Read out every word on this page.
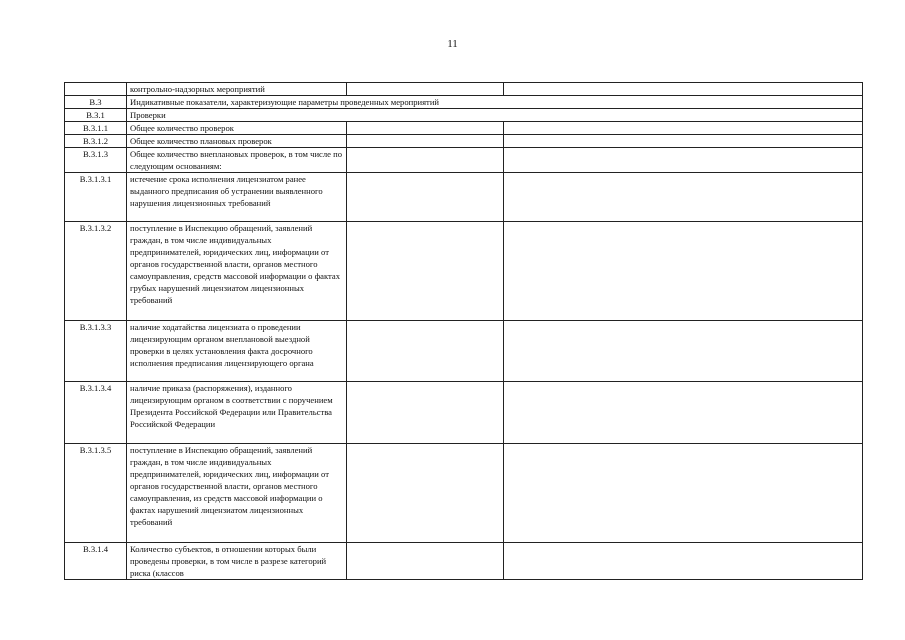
11
	контрольно-надзорных мероприятий		
В.3	Индикативные показатели, характеризующие параметры проведенных мероприятий		
В.3.1	Проверки		
В.3.1.1	Общее количество проверок		
В.3.1.2	Общее количество плановых проверок		
В.3.1.3	Общее количество внеплановых проверок, в том числе по следующим основаниям:		
В.3.1.3.1	истечение срока исполнения лицензиатом ранее выданного предписания об устранении выявленного нарушения лицензионных требований		
В.3.1.3.2	поступление в Инспекцию обращений, заявлений граждан, в том числе индивидуальных предпринимателей, юридических лиц, информации от органов государственной власти, органов местного самоуправления, средств массовой информации о фактах грубых нарушений лицензиатом лицензионных требований		
В.3.1.3.3	наличие ходатайства лицензиата о проведении лицензирующим органом внеплановой выездной проверки в целях установления факта досрочного исполнения предписания лицензирующего органа		
В.3.1.3.4	наличие приказа (распоряжения), изданного лицензирующим органом в соответствии с поручением Президента Российской Федерации или Правительства Российской Федерации		
В.3.1.3.5	поступление в Инспекцию обращений, заявлений граждан, в том числе индивидуальных предпринимателей, юридических лиц, информации от органов государственной власти, органов местного самоуправления, из средств массовой информации о фактах нарушений лицензиатом лицензионных требований		
В.3.1.4	Количество субъектов, в отношении которых были проведены проверки, в том числе в разрезе категорий риска (классов		
